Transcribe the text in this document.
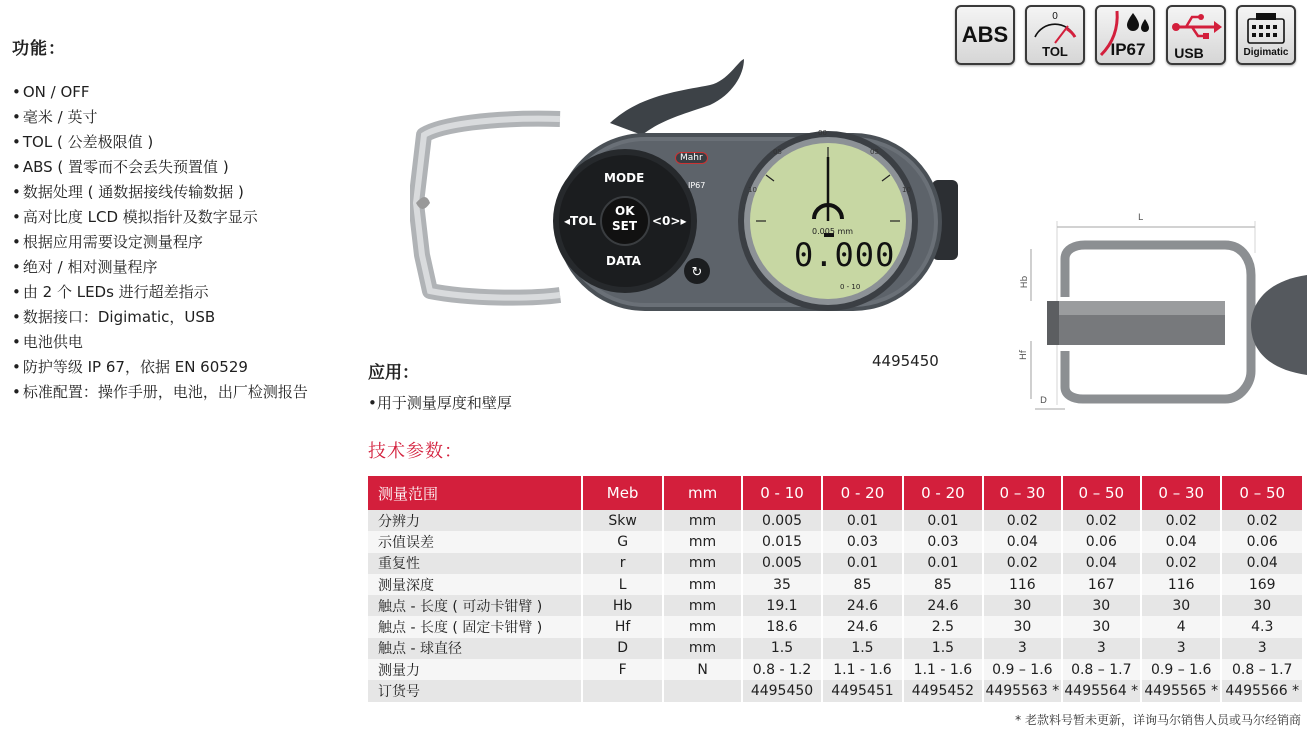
功能：
• ON / OFF
• 毫米 / 英寸
• TOL ( 公差极限值 )
• ABS ( 置零而不会丢失预置值 )
• 数据处理 ( 通数据接线传输数据 )
• 高对比度 LCD 模拟指针及数字显示
• 根据应用需要设定测量程序
• 绝对 / 相对测量程序
• 由 2 个 LEDs 进行超差指示
• 数据接口：Digimatic，USB
• 电池供电
• 防护等级 IP 67，依据 EN 60529
• 标准配置：操作手册，电池，出厂检测报告
ABS
0
TOL	IP67	USB	Digimatic
↻
Mahr
IP67
MODE
◂TOL
OK
SET <0>▸
DATA
00
05	05
10	10
0.005 mm
0.000
0 - 10
4495450
L
Hb
Hf
D
应用：
•用于测量厚度和壁厚
技术参数：
测量范围	Meb	mm	0 - 10	0 - 20	0 - 20	0 – 30	0 – 50	0 – 30	0 – 50
分辨力	Skw	mm	0.005	0.01	0.01	0.02	0.02	0.02	0.02
示值误差	G	mm	0.015	0.03	0.03	0.04	0.06	0.04	0.06
重复性	r	mm	0.005	0.01	0.01	0.02	0.04	0.02	0.04
测量深度	L	mm	35	85	85	116	167	116	169
触点 - 长度 ( 可动卡钳臂 )	Hb	mm	19.1	24.6	24.6	30	30	30	30
触点 - 长度 ( 固定卡钳臂 )	Hf	mm	18.6	24.6	2.5	30	30	4	4.3
触点 - 球直径	D	mm	1.5	1.5	1.5	3	3	3	3
测量力	F	N	0.8 - 1.2	1.1 - 1.6	1.1 - 1.6	0.9 – 1.6	0.8 – 1.7	0.9 – 1.6	0.8 – 1.7
订货号			4495450	4495451	4495452	4495563 *	4495564 *	4495565 *	4495566 *
* 老款料号暂未更新，详询马尔销售人员或马尔经销商
